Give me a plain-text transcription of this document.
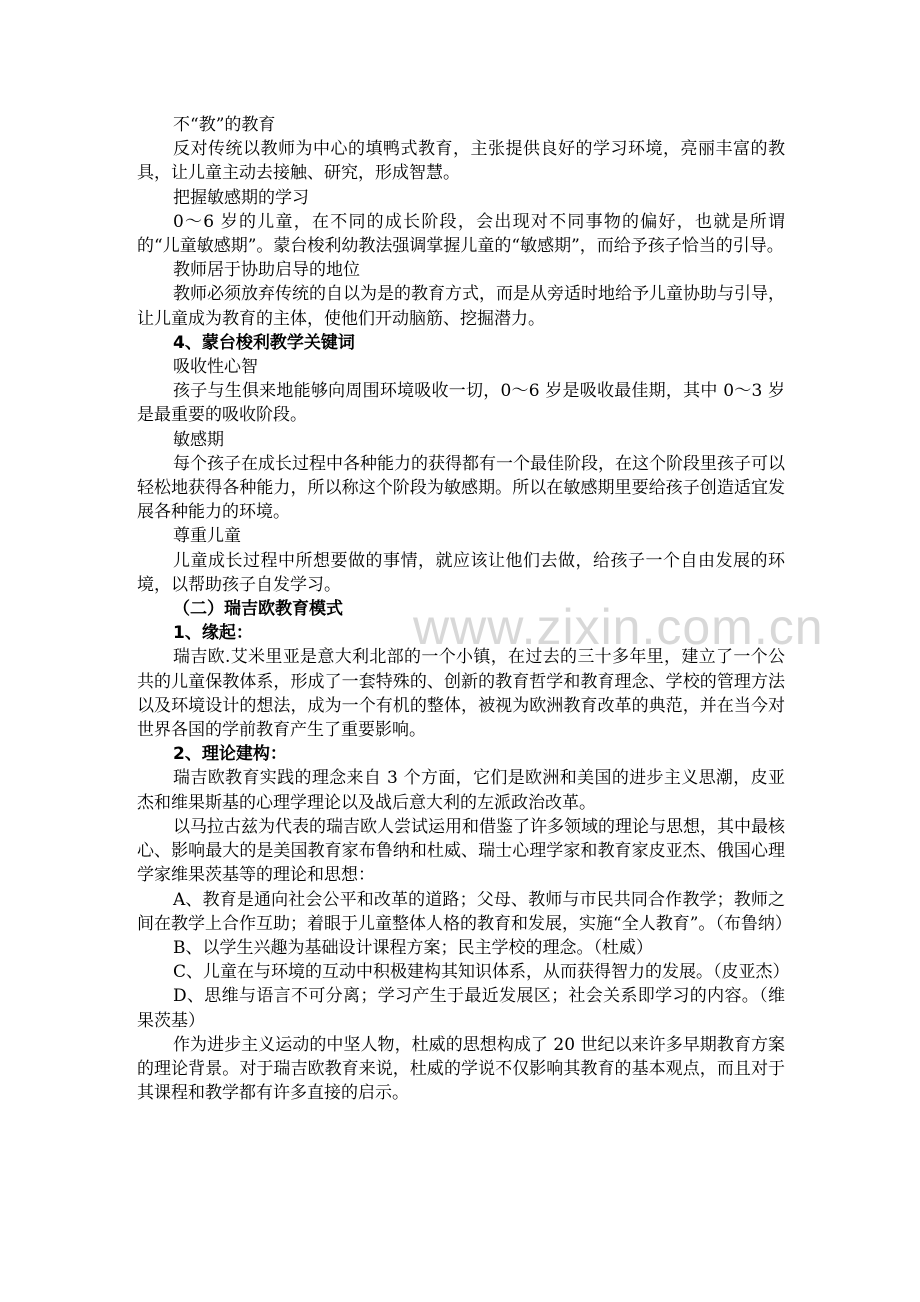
www.zixin.com.cn

不“教”的教育

反对传统以教师为中心的填鸭式教育，主张提供良好的学习环境，亮丽丰富的教具，让儿童主动去接触、研究，形成智慧。

把握敏感期的学习

0～6 岁的儿童，在不同的成长阶段，会出现对不同事物的偏好，也就是所谓的“儿童敏感期”。蒙台梭利幼教法强调掌握儿童的“敏感期”，而给予孩子恰当的引导。

教师居于协助启导的地位

教师必须放弃传统的自以为是的教育方式，而是从旁适时地给予儿童协助与引导，让儿童成为教育的主体，使他们开动脑筋、挖掘潜力。

4、蒙台梭利教学关键词

吸收性心智

孩子与生俱来地能够向周围环境吸收一切，0～6 岁是吸收最佳期，其中 0～3 岁是最重要的吸收阶段。

敏感期

每个孩子在成长过程中各种能力的获得都有一个最佳阶段，在这个阶段里孩子可以轻松地获得各种能力，所以称这个阶段为敏感期。所以在敏感期里要给孩子创造适宜发展各种能力的环境。

尊重儿童

儿童成长过程中所想要做的事情，就应该让他们去做，给孩子一个自由发展的环境，以帮助孩子自发学习。

（二）瑞吉欧教育模式

1、缘起：

瑞吉欧.艾米里亚是意大利北部的一个小镇，在过去的三十多年里，建立了一个公共的儿童保教体系，形成了一套特殊的、创新的教育哲学和教育理念、学校的管理方法以及环境设计的想法，成为一个有机的整体，被视为欧洲教育改革的典范，并在当今对世界各国的学前教育产生了重要影响。

2、理论建构：

瑞吉欧教育实践的理念来自 3 个方面，它们是欧洲和美国的进步主义思潮，皮亚杰和维果斯基的心理学理论以及战后意大利的左派政治改革。

以马拉古兹为代表的瑞吉欧人尝试运用和借鉴了许多领域的理论与思想，其中最核心、影响最大的是美国教育家布鲁纳和杜威、瑞士心理学家和教育家皮亚杰、俄国心理学家维果茨基等的理论和思想：

A、教育是通向社会公平和改革的道路；父母、教师与市民共同合作教学；教师之间在教学上合作互助；着眼于儿童整体人格的教育和发展，实施“全人教育”。（布鲁纳）

B、以学生兴趣为基础设计课程方案；民主学校的理念。（杜威）

C、儿童在与环境的互动中积极建构其知识体系，从而获得智力的发展。（皮亚杰）

D、思维与语言不可分离；学习产生于最近发展区；社会关系即学习的内容。（维果茨基）

作为进步主义运动的中坚人物，杜威的思想构成了 20 世纪以来许多早期教育方案的理论背景。对于瑞吉欧教育来说，杜威的学说不仅影响其教育的基本观点，而且对于其课程和教学都有许多直接的启示。
